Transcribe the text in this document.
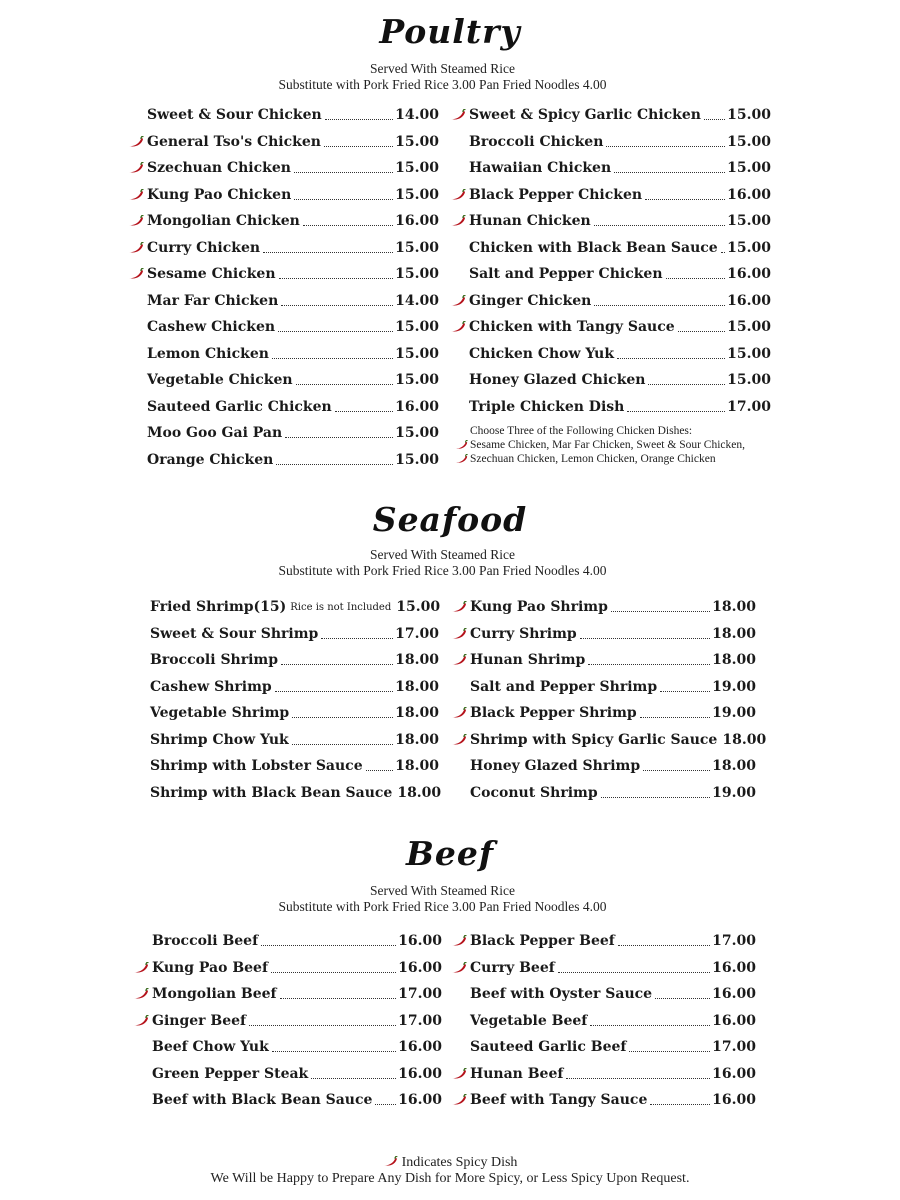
Poultry
Served With Steamed Rice
Substitute with Pork Fried Rice 3.00 Pan Fried Noodles 4.00
Sweet & Sour Chicken	14.00
General Tso's Chicken	15.00
Szechuan Chicken	15.00
Kung Pao Chicken	15.00
Mongolian Chicken	16.00
Curry Chicken	15.00
Sesame Chicken	15.00
Mar Far Chicken	14.00
Cashew Chicken	15.00
Lemon Chicken	15.00
Vegetable Chicken	15.00
Sauteed Garlic Chicken	16.00
Moo Goo Gai Pan	15.00
Orange Chicken	15.00
Sweet & Spicy Garlic Chicken 15.00
Broccoli Chicken	15.00
Hawaiian Chicken	15.00
Black Pepper Chicken	16.00
Hunan Chicken	15.00
Chicken with Black Bean Sauce 15.00
Salt and Pepper Chicken	16.00
Ginger Chicken	16.00
Chicken with Tangy Sauce	15.00
Chicken Chow Yuk	15.00
Honey Glazed Chicken	15.00
Triple Chicken Dish	17.00
Choose Three of the Following Chicken Dishes:
Sesame Chicken, Mar Far Chicken, Sweet & Sour Chicken,
Szechuan Chicken, Lemon Chicken, Orange Chicken
Seafood
Served With Steamed Rice
Substitute with Pork Fried Rice 3.00 Pan Fried Noodles 4.00
Fried Shrimp(15) Rice is not Included 15.00
Sweet & Sour Shrimp	17.00
Broccoli Shrimp	18.00
Cashew Shrimp	18.00
Vegetable Shrimp	18.00
Shrimp Chow Yuk	18.00
Shrimp with Lobster Sauce 18.00
Shrimp with Black Bean Sauce 18.00
Kung Pao Shrimp	18.00
Curry Shrimp	18.00
Hunan Shrimp	18.00
Salt and Pepper Shrimp	19.00
Black Pepper Shrimp	19.00
Shrimp with Spicy Garlic Sauce 18.00
Honey Glazed Shrimp	18.00
Coconut Shrimp	19.00
Beef
Served With Steamed Rice
Substitute with Pork Fried Rice 3.00 Pan Fried Noodles 4.00
Broccoli Beef	16.00
Kung Pao Beef	16.00
Mongolian Beef	17.00
Ginger Beef	17.00
Beef Chow Yuk	16.00
Green Pepper Steak	16.00
Beef with Black Bean Sauce 16.00
Black Pepper Beef	17.00
Curry Beef	16.00
Beef with Oyster Sauce	16.00
Vegetable Beef	16.00
Sauteed Garlic Beef	17.00
Hunan Beef	16.00
Beef with Tangy Sauce	16.00
Indicates Spicy Dish
We Will be Happy to Prepare Any Dish for More Spicy, or Less Spicy Upon Request.
